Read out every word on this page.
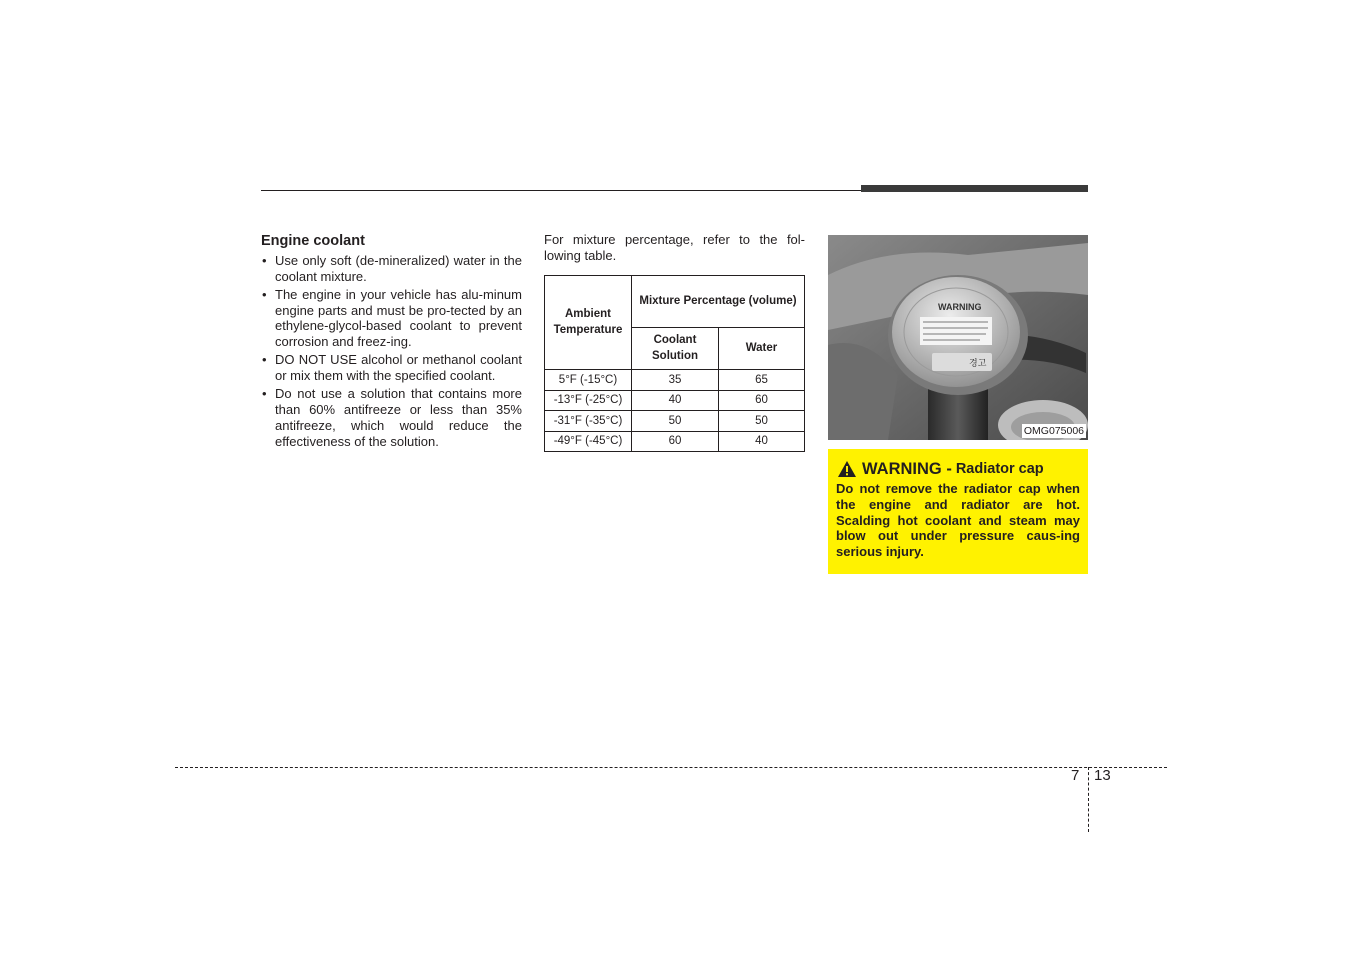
Engine coolant
• Use only soft (de-mineralized) water in the coolant mixture.
• The engine in your vehicle has alu-minum engine parts and must be pro-tected by an ethylene-glycol-based coolant to prevent corrosion and freez-ing.
• DO NOT USE alcohol or methanol coolant or mix them with the specified coolant.
• Do not use a solution that contains more than 60% antifreeze or less than 35% antifreeze, which would reduce the effectiveness of the solution.

For mixture percentage, refer to the fol-lowing table.

Ambient Temperature	Mixture Percentage (volume)	
	Coolant Solution	Water
5°F (-15°C)	35	65
-13°F (-25°C)	40	60
-31°F (-35°C)	50	50
-49°F (-45°C)	60	40
WARNING
경고
OMG075006
WARNING - Radiator cap

Do not remove the radiator cap when the engine and radiator are hot. Scalding hot coolant and steam may blow out under pressure caus-ing serious injury.

7 13
